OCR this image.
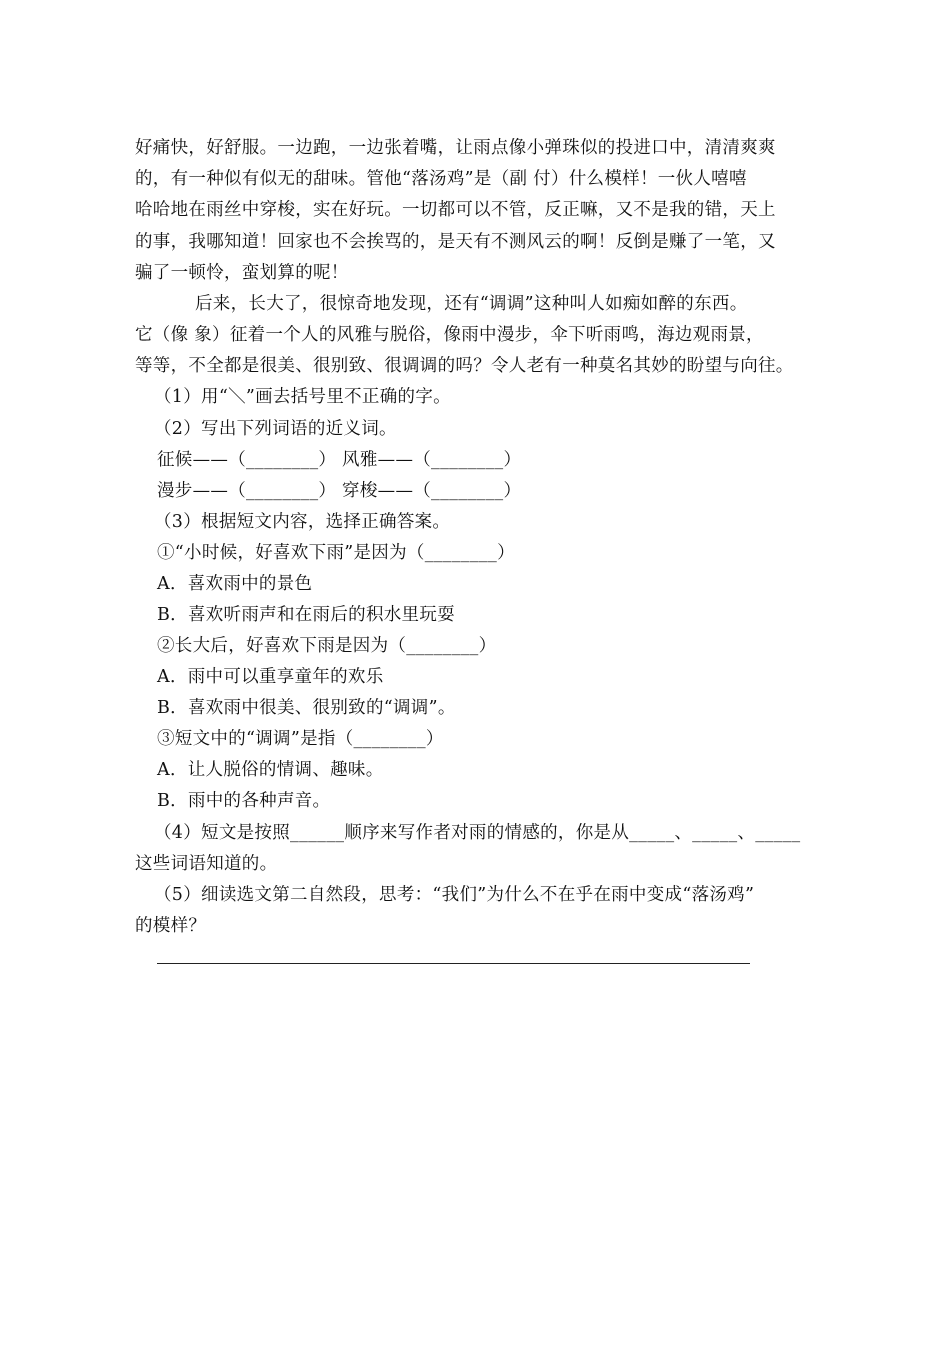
好痛快，好舒服。一边跑，一边张着嘴，让雨点像小弹珠似的投进口中，清清爽爽
的，有一种似有似无的甜味。管他“落汤鸡”是（副 付）什么模样！一伙人嘻嘻
哈哈地在雨丝中穿梭，实在好玩。一切都可以不管，反正嘛，又不是我的错，天上
的事，我哪知道！回家也不会挨骂的，是天有不测风云的啊！反倒是赚了一笔，又
骗了一顿怜，蛮划算的呢！
后来，长大了，很惊奇地发现，还有“调调”这种叫人如痴如醉的东西。
它（像 象）征着一个人的风雅与脱俗，像雨中漫步，伞下听雨鸣，海边观雨景，
等等，不全都是很美、很别致、很调调的吗？令人老有一种莫名其妙的盼望与向往。
（1）用“＼”画去括号里不正确的字。
（2）写出下列词语的近义词。
征候——（________） 风雅——（________）
漫步——（________） 穿梭——（________）
（3）根据短文内容，选择正确答案。
①“小时候，好喜欢下雨”是因为（________）
A．喜欢雨中的景色
B．喜欢听雨声和在雨后的积水里玩耍
②长大后，好喜欢下雨是因为（________）
A．雨中可以重享童年的欢乐
B．喜欢雨中很美、很别致的“调调”。
③短文中的“调调”是指（________）
A．让人脱俗的情调、趣味。
B．雨中的各种声音。
（4）短文是按照______顺序来写作者对雨的情感的，你是从_____、_____、_____
这些词语知道的。
（5）细读选文第二自然段，思考：“我们”为什么不在乎在雨中变成“落汤鸡”
的模样？
